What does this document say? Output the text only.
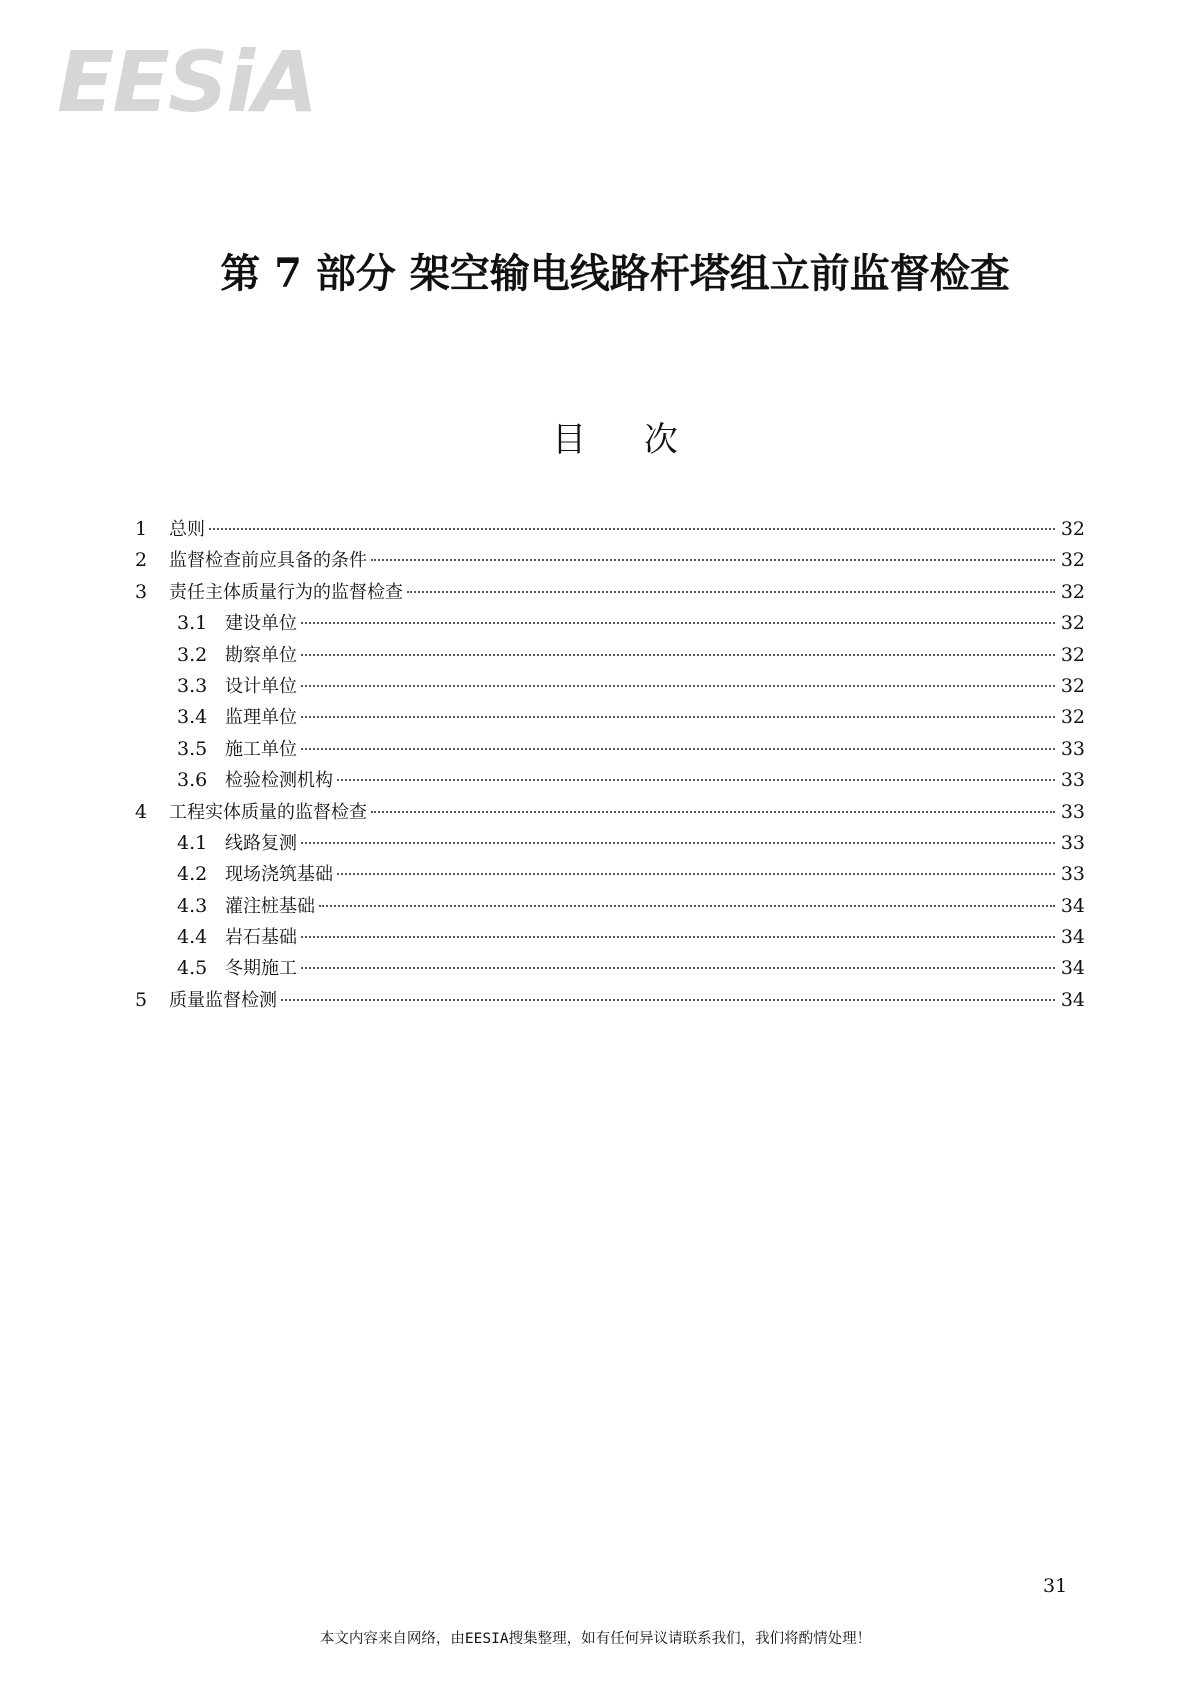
EESiA
第 7 部分 架空输电线路杆塔组立前监督检查
目次
1	总则	32
2	监督检查前应具备的条件	32
3	责任主体质量行为的监督检查	32
3.1 建设单位	32
3.2 勘察单位	32
3.3 设计单位	32
3.4 监理单位	32
3.5 施工单位	33
3.6 检验检测机构	33
4	工程实体质量的监督检查	33
4.1 线路复测	33
4.2 现场浇筑基础	33
4.3 灌注桩基础	34
4.4 岩石基础	34
4.5 冬期施工	34
5	质量监督检测	34
31
本文内容来自网络，由EESIA搜集整理，如有任何异议请联系我们，我们将酌情处理！
